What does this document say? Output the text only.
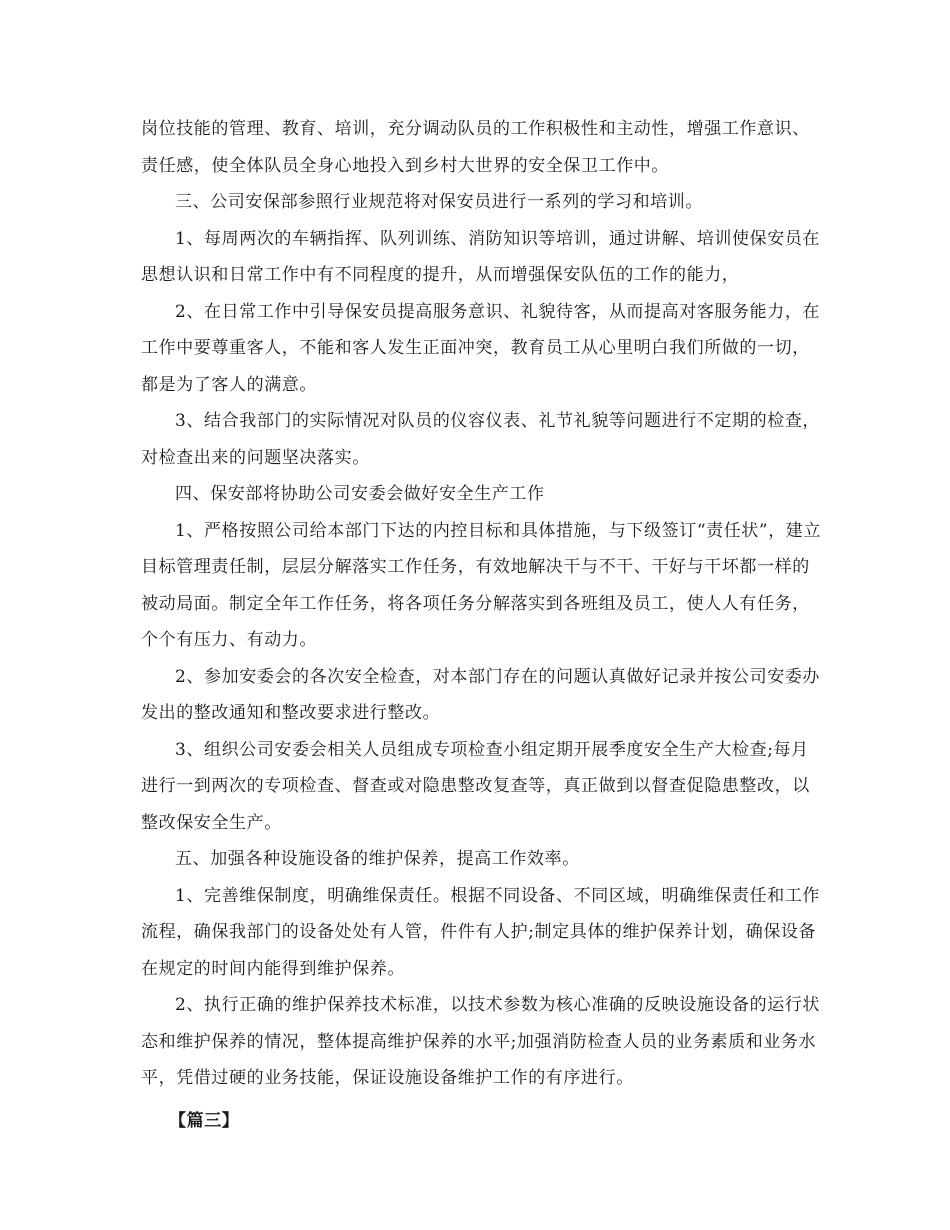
岗位技能的管理、教育、培训，充分调动队员的工作积极性和主动性，增强工作意识、责任感，使全体队员全身心地投入到乡村大世界的安全保卫工作中。

三、公司安保部参照行业规范将对保安员进行一系列的学习和培训。

1、每周两次的车辆指挥、队列训练、消防知识等培训，通过讲解、培训使保安员在思想认识和日常工作中有不同程度的提升，从而增强保安队伍的工作的能力，

2、在日常工作中引导保安员提高服务意识、礼貌待客，从而提高对客服务能力，在工作中要尊重客人，不能和客人发生正面冲突，教育员工从心里明白我们所做的一切，都是为了客人的满意。

3、结合我部门的实际情况对队员的仪容仪表、礼节礼貌等问题进行不定期的检查，对检查出来的问题坚决落实。

四、保安部将协助公司安委会做好安全生产工作

1、严格按照公司给本部门下达的内控目标和具体措施，与下级签订“责任状”，建立目标管理责任制，层层分解落实工作任务，有效地解决干与不干、干好与干坏都一样的被动局面。制定全年工作任务，将各项任务分解落实到各班组及员工，使人人有任务，个个有压力、有动力。

2、参加安委会的各次安全检查，对本部门存在的问题认真做好记录并按公司安委办发出的整改通知和整改要求进行整改。

3、组织公司安委会相关人员组成专项检查小组定期开展季度安全生产大检查;每月进行一到两次的专项检查、督查或对隐患整改复查等，真正做到以督查促隐患整改，以整改保安全生产。

五、加强各种设施设备的维护保养，提高工作效率。

1、完善维保制度，明确维保责任。根据不同设备、不同区域，明确维保责任和工作流程，确保我部门的设备处处有人管，件件有人护;制定具体的维护保养计划，确保设备在规定的时间内能得到维护保养。

2、执行正确的维护保养技术标准，以技术参数为核心准确的反映设施设备的运行状态和维护保养的情况，整体提高维护保养的水平;加强消防检查人员的业务素质和业务水平，凭借过硬的业务技能，保证设施设备维护工作的有序进行。

【篇三】
